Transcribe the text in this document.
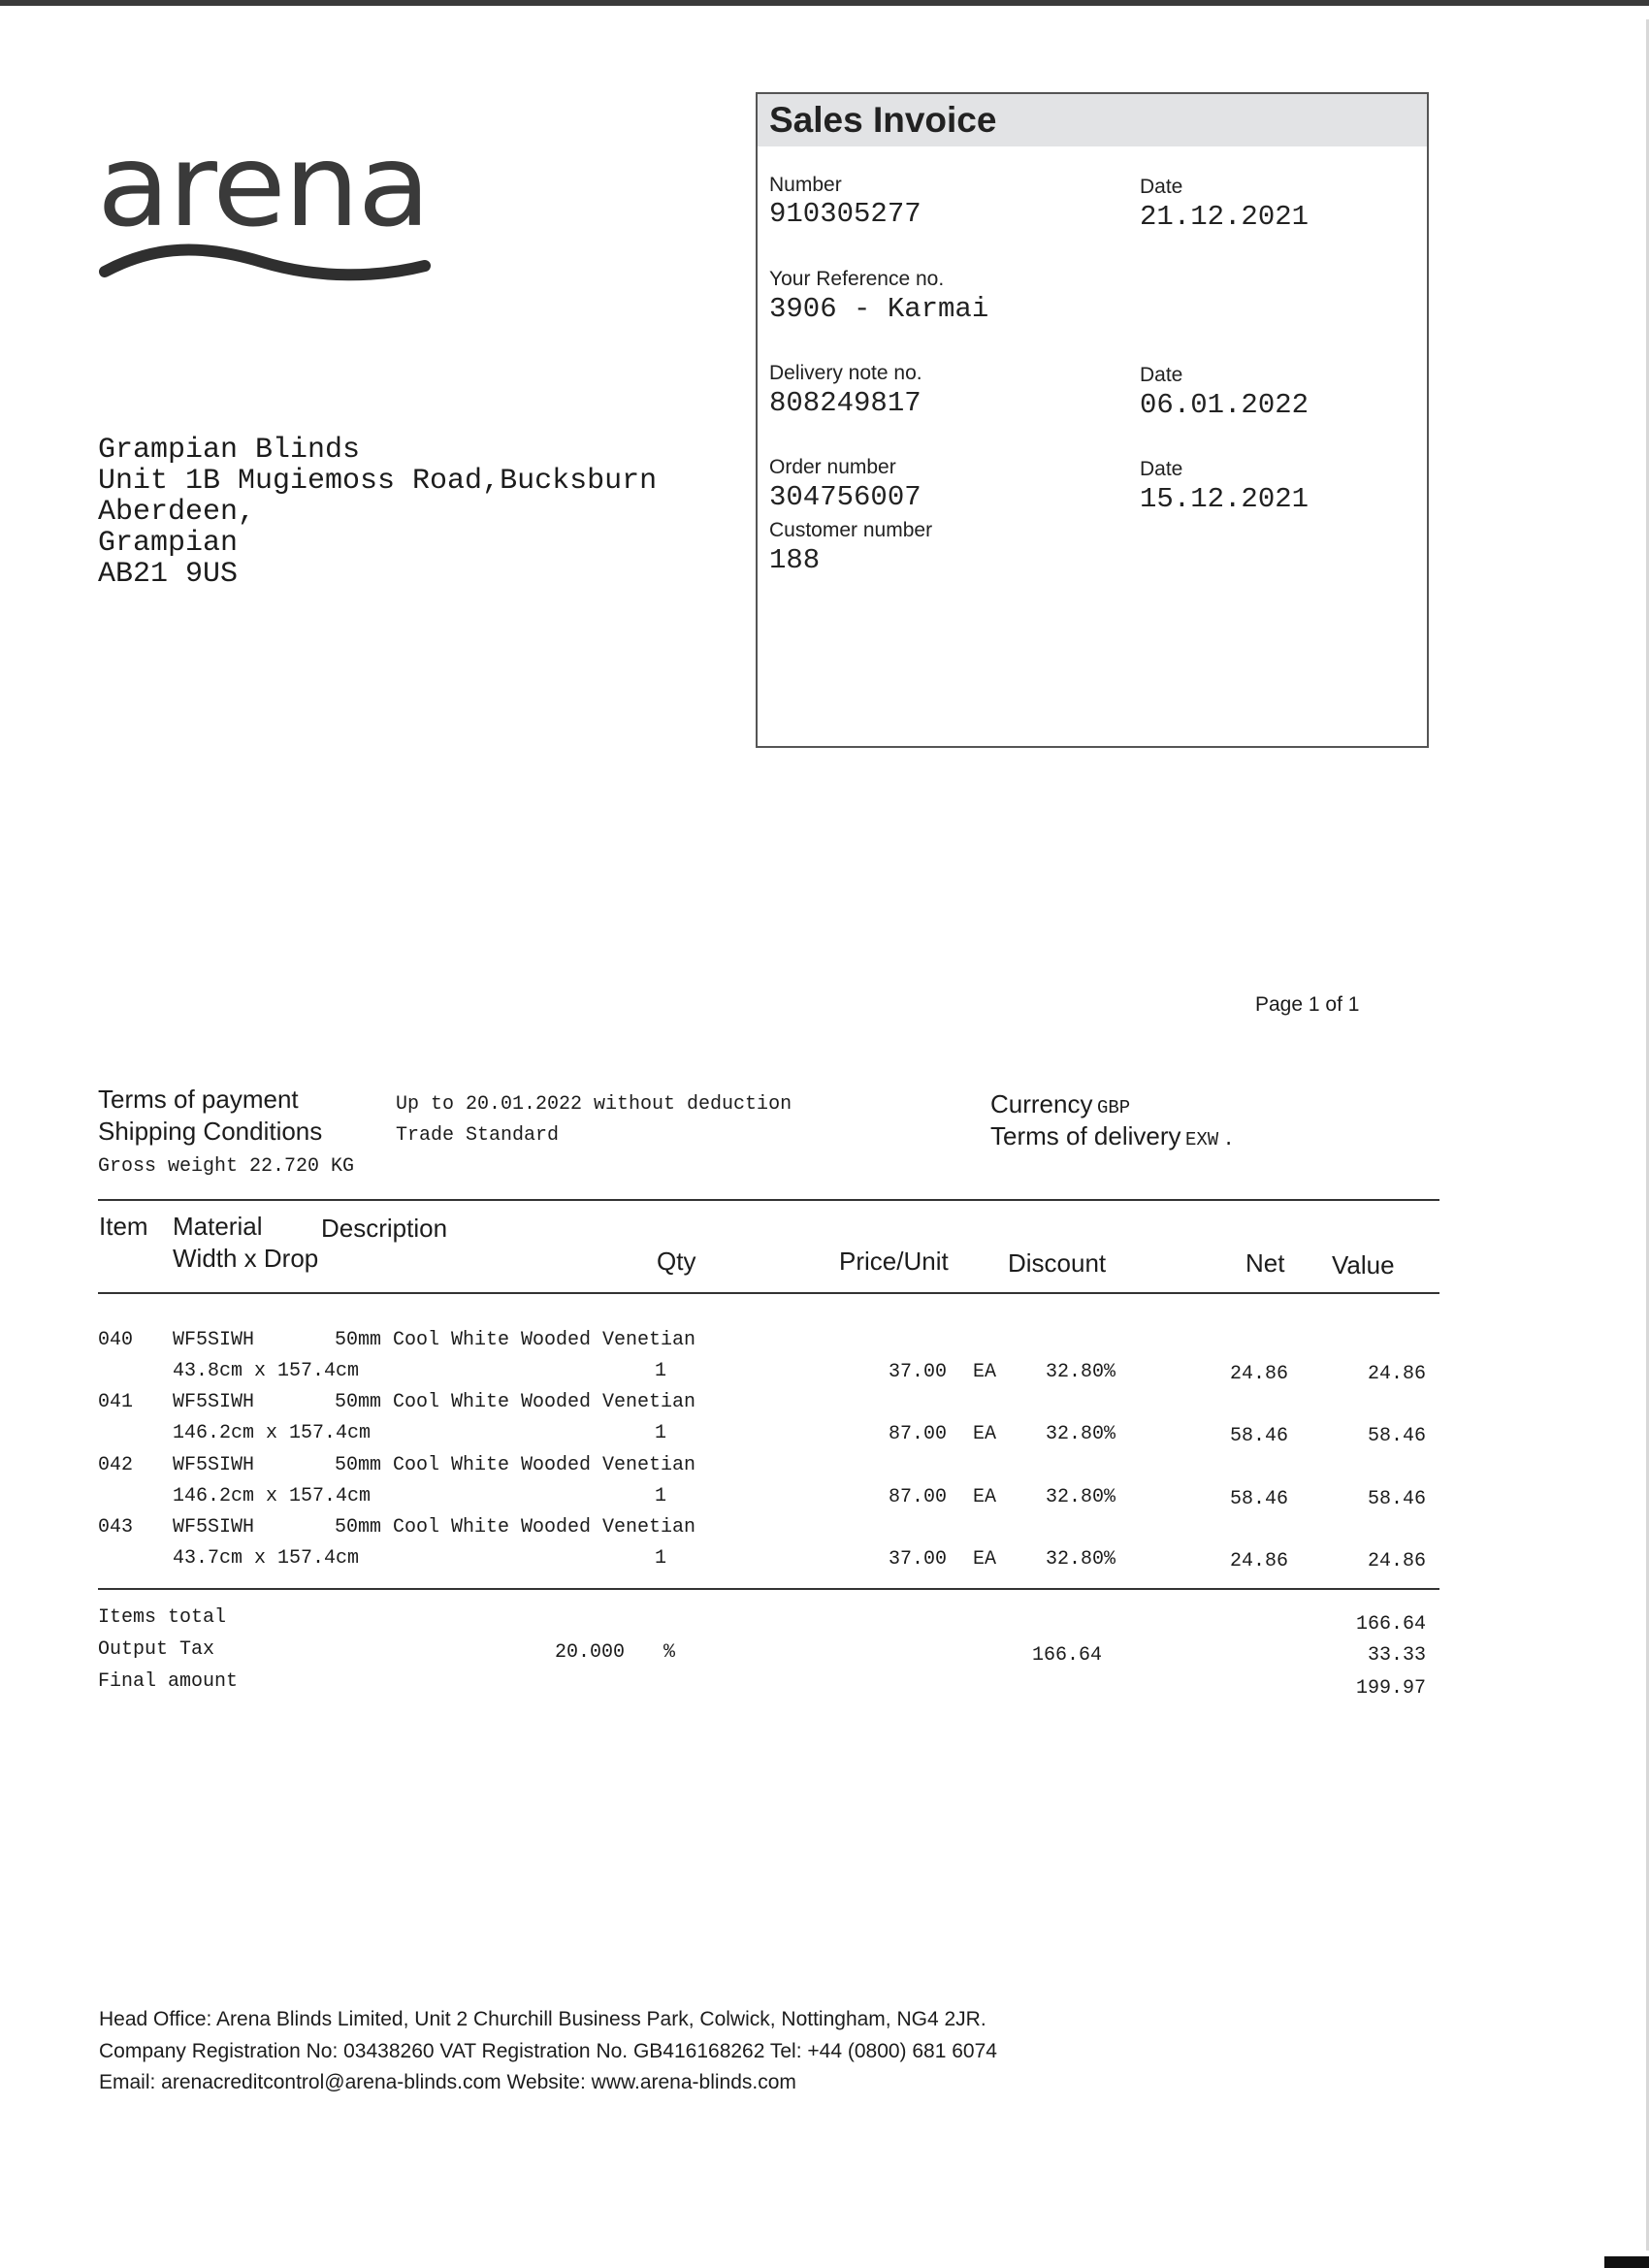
arena
Grampian Blinds
Unit 1B Mugiemoss Road,Bucksburn
Aberdeen,
Grampian
AB21 9US
Sales Invoice
Number
910305277
Date
21.12.2021
Your Reference no.
3906 - Karmai
Delivery note no.
808249817
Date
06.01.2022
Order number
304756007
Date
15.12.2021
Customer number
188
Page 1 of 1
Terms of payment	Up to 20.01.2022 without deduction
Shipping Conditions	Trade Standard
Gross weight 22.720 KG
Currency GBP
Terms of delivery EXW .
Item Material Description
Width x Drop	Qty	Price/Unit Discount	Net Value
040 WF5SIWH	50mm Cool White Wooded Venetian
43.8cm x 157.4cm	1	37.00 EA	32.80%	24.86	24.86
041 WF5SIWH	50mm Cool White Wooded Venetian
146.2cm x 157.4cm	1	87.00 EA	32.80%	58.46	58.46
042 WF5SIWH	50mm Cool White Wooded Venetian
146.2cm x 157.4cm	1	87.00 EA	32.80%	58.46	58.46
043 WF5SIWH	50mm Cool White Wooded Venetian
43.7cm x 157.4cm	1	37.00 EA	32.80%	24.86	24.86
Items total	166.64
Output Tax	20.000 %	166.64	33.33
Final amount	199.97
Head Office: Arena Blinds Limited, Unit 2 Churchill Business Park, Colwick, Nottingham, NG4 2JR.
Company Registration No: 03438260 VAT Registration No. GB416168262 Tel: +44 (0800) 681 6074
Email: arenacreditcontrol@arena-blinds.com Website: www.arena-blinds.com
